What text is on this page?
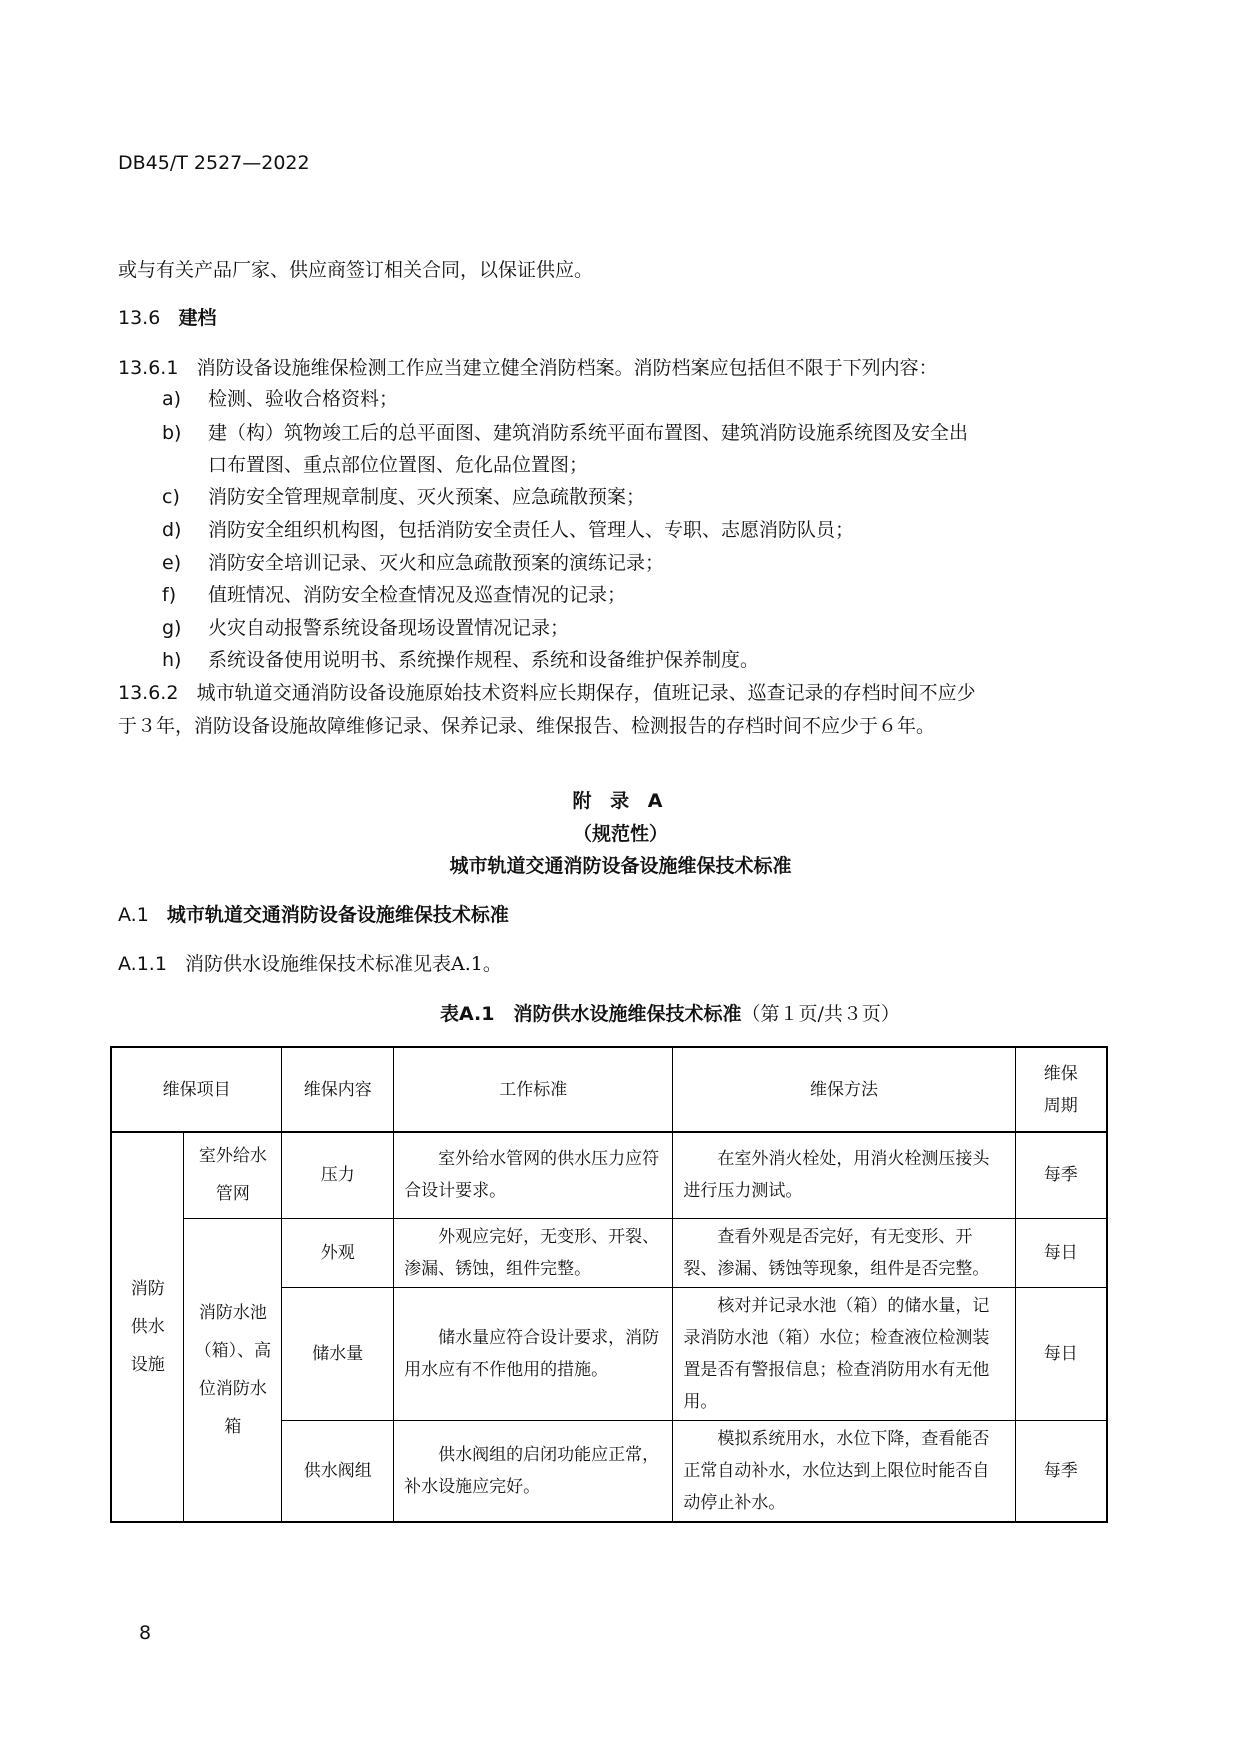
DB45/T 2527—2022
或与有关产品厂家、供应商签订相关合同，以保证供应。
13.6 建档
13.6.1 消防设备设施维保检测工作应当建立健全消防档案。消防档案应包括但不限于下列内容：
a) 检测、验收合格资料；
b) 建（构）筑物竣工后的总平面图、建筑消防系统平面布置图、建筑消防设施系统图及安全出
口布置图、重点部位位置图、危化品位置图；
c) 消防安全管理规章制度、灭火预案、应急疏散预案；
d) 消防安全组织机构图，包括消防安全责任人、管理人、专职、志愿消防队员；
e) 消防安全培训记录、灭火和应急疏散预案的演练记录；
f) 值班情况、消防安全检查情况及巡查情况的记录；
g) 火灾自动报警系统设备现场设置情况记录；
h) 系统设备使用说明书、系统操作规程、系统和设备维护保养制度。
13.6.2 城市轨道交通消防设备设施原始技术资料应长期保存，值班记录、巡查记录的存档时间不应少
于３年，消防设备设施故障维修记录、保养记录、维保报告、检测报告的存档时间不应少于６年。
附 录 A
（规范性）
城市轨道交通消防设备设施维保技术标准
A.1 城市轨道交通消防设备设施维保技术标准
A.1.1 消防供水设施维保技术标准见表A.1。
表A.1　消防供水设施维保技术标准（第１页/共３页）
维保项目		维保内容	工作标准	维保方法	维保周期
消防供水设施	室外给水管网	压力	室外给水管网的供水压力应符合设计要求。	在室外消火栓处，用消火栓测压接头进行压力测试。	每季
	消防水池（箱）、高位消防水箱	外观	外观应完好，无变形、开裂、渗漏、锈蚀，组件完整。	查看外观是否完好，有无变形、开裂、渗漏、锈蚀等现象，组件是否完整。	每日
		储水量	储水量应符合设计要求，消防用水应有不作他用的措施。	核对并记录水池（箱）的储水量，记录消防水池（箱）水位；检查液位检测装置是否有警报信息；检查消防用水有无他用。	每日
		供水阀组	供水阀组的启闭功能应正常，补水设施应完好。	模拟系统用水，水位下降，查看能否正常自动补水，水位达到上限位时能否自动停止补水。	每季
8
